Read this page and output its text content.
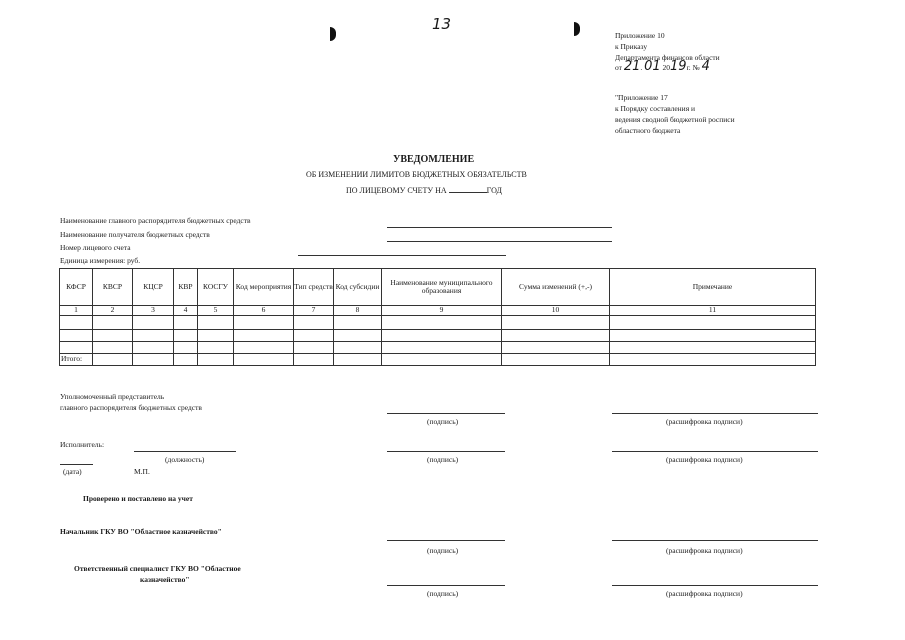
13
Приложение 10
к Приказу
Департамента финансов области
от 21. 01 2019г. № 4
"Приложение 17
к Порядку составления и
ведения сводной бюджетной росписи
областного бюджета
УВЕДОМЛЕНИЕ
ОБ ИЗМЕНЕНИИ ЛИМИТОВ БЮДЖЕТНЫХ ОБЯЗАТЕЛЬСТВ
ПО ЛИЦЕВОМУ СЧЕТУ НА	ГОД
Наименование главного распорядителя бюджетных средств
Наименование получателя бюджетных средств
Номер лицевого счета
Единица измерения: руб.
КФСР	КВСР	КЦСР	КВР	КОСГУ	Код мероприятия	Тип средств	Код субсидии	Наименование муниципального образования	Сумма изменений (+,-)	Примечание
1	2	3	4	5	6	7	8	9	10	11

Итого:										
Уполномоченный представитель
главного распорядителя бюджетных средств
(подпись)	(расшифровка подписи)
Исполнитель:
(должность)	(подпись)	(расшифровка подписи)
(дата)	М.П.
Проверено и поставлено на учет
Начальник ГКУ ВО "Областное казначейство"
(подпись)	(расшифровка подписи)
Ответственный специалист ГКУ ВО "Областное
казначейство"
(подпись)	(расшифровка подписи)
